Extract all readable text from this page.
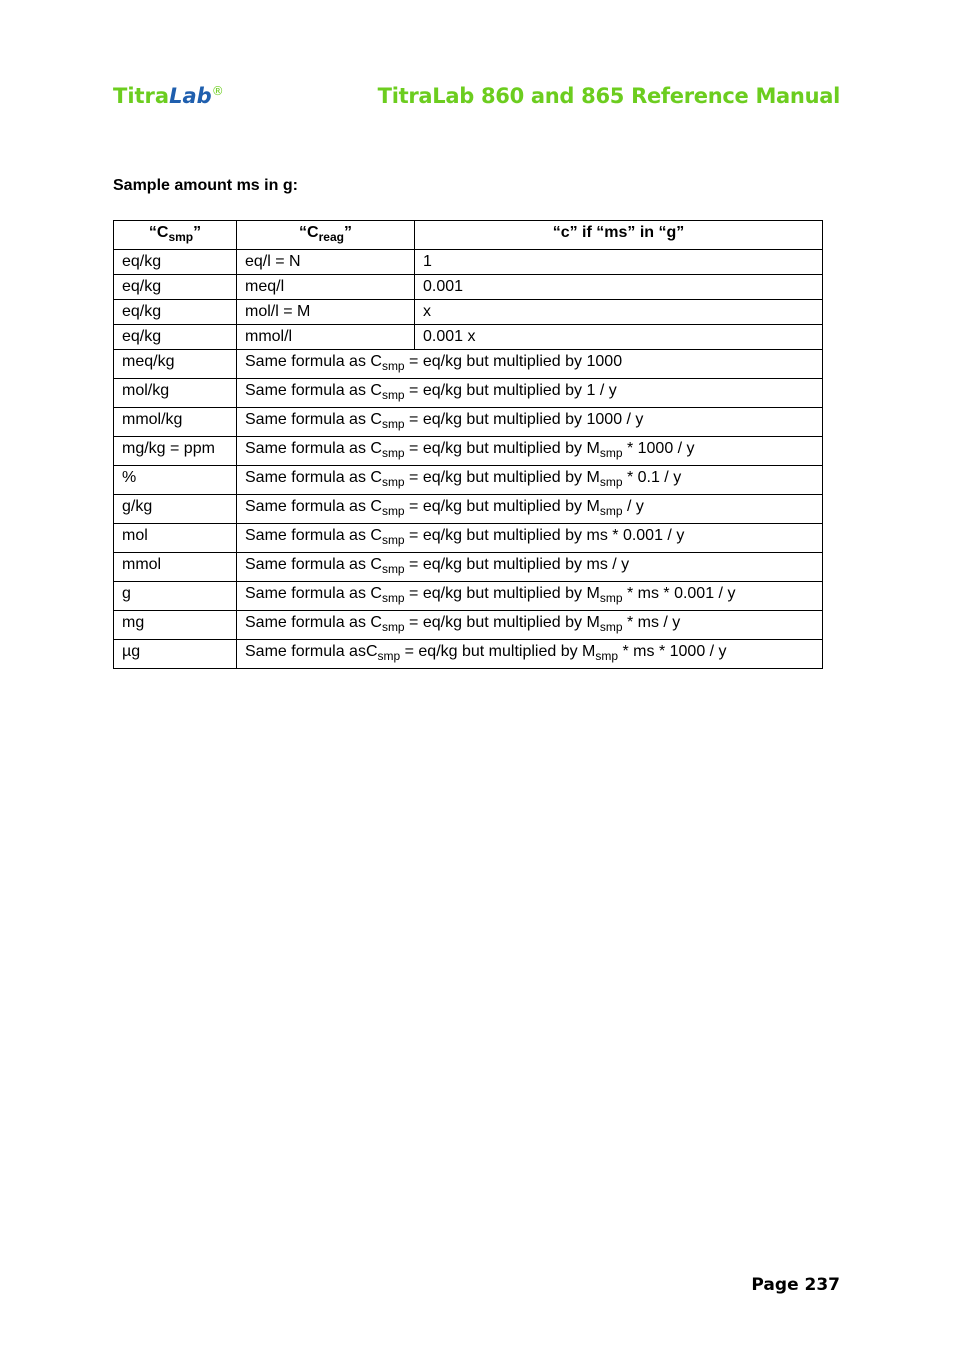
TitraLab®	TitraLab 860 and 865 Reference Manual
Sample amount ms in g:
“$C_{smp}$”	“$C_{reag}$”	“c” if “ms” in “g”
eq/kg	eq/l = N	1
eq/kg	meq/l	0.001
eq/kg	mol/l = M	x
eq/kg	mmol/l	0.001 x
meq/kg	Same formula as $C_{smp} = eq/kg$ but multiplied by 1000	
mol/kg	Same formula as $C_{smp} = eq/kg$ but multiplied by 1 / y	
mmol/kg	Same formula as $C_{smp} = eq/kg$ but multiplied by 1000 / y	
mg/kg = ppm	Same formula as $C_{smp} = eq/kg$ but multiplied by $M_{smp} * 1000$ / y	
%	Same formula as $C_{smp} = eq/kg$ but multiplied by $M_{smp} * 0.1$ / y	
g/kg	Same formula as $C_{smp} = eq/kg$ but multiplied by $M_{smp}$ / y	
mol	Same formula as $C_{smp} = eq/kg$ but multiplied by ms * 0.001 / y	
mmol	Same formula as $C_{smp} = eq/kg$ but multiplied by ms / y	
g	Same formula as $C_{smp} = eq/kg$ but multiplied by $M_{smp}$ * ms * 0.001 / y	
mg	Same formula as $C_{smp} = eq/kg$ but multiplied by $M_{smp}$ * ms / y	
µg	Same formula asC$_{smp}$ = eq/kg but multiplied by $M_{smp}$ * ms * 1000 / y	
Page 237
